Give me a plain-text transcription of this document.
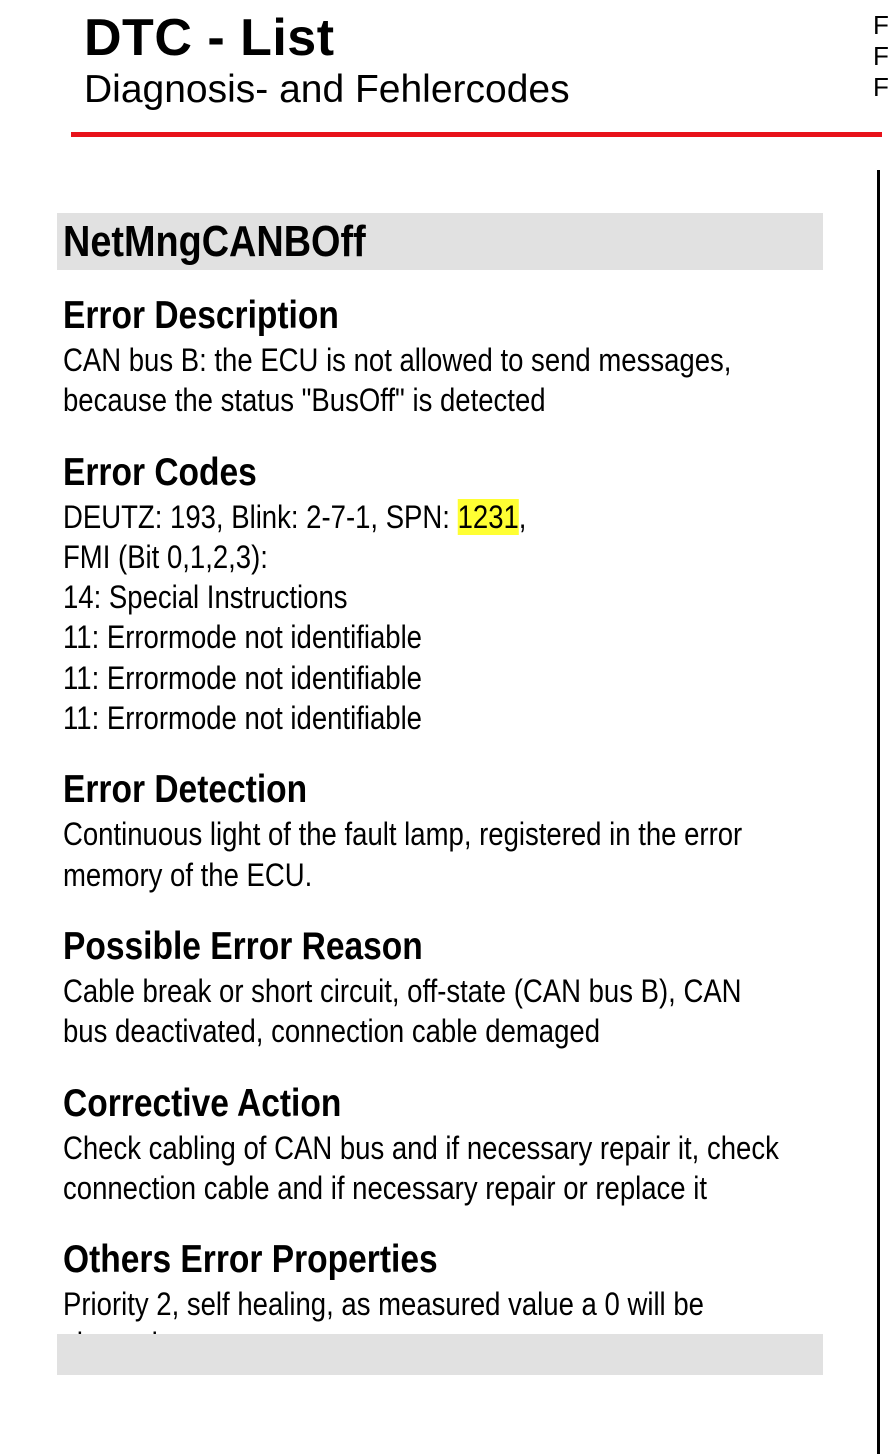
DTC - List
Diagnosis- and Fehlercodes
F
F
F
NetMngCANBOff
Error Description
CAN bus B: the ECU is not allowed to send messages,
because the status "BusOff" is detected
Error Codes
DEUTZ: 193, Blink: 2-7-1, SPN: 1231,
FMI (Bit 0,1,2,3):
14: Special Instructions
11: Errormode not identifiable
11: Errormode not identifiable
11: Errormode not identifiable
Error Detection
Continuous light of the fault lamp, registered in the error
memory of the ECU.
Possible Error Reason
Cable break or short circuit, off-state (CAN bus B), CAN
bus deactivated, connection cable demaged
Corrective Action
Check cabling of CAN bus and if necessary repair it, check
connection cable and if necessary repair or replace it
Others Error Properties
Priority 2, self healing, as measured value a 0 will be
